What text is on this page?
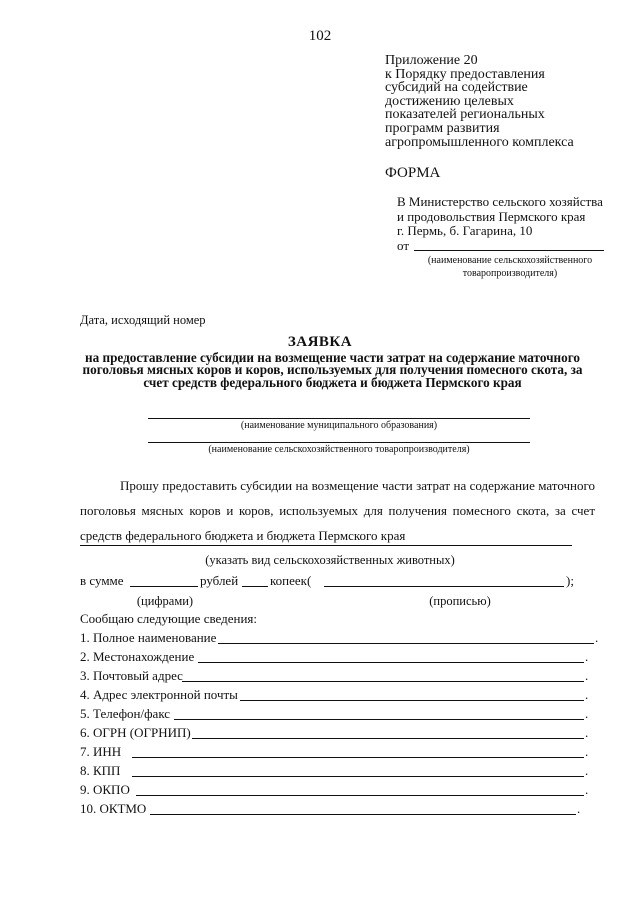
102
Приложение 20
к Порядку предоставления
субсидий на содействие
достижению целевых
показателей региональных
программ развития
агропромышленного комплекса
ФОРМА
В Министерство сельского хозяйства
и продовольствия Пермского края
г. Пермь, б. Гагарина, 10
от
(наименование сельскохозяйственного
товаропроизводителя)
Дата, исходящий номер
ЗАЯВКА
на предоставление субсидии на возмещение части затрат на содержание маточного поголовья мясных коров и коров, используемых для получения помесного скота, за счет средств федерального бюджета и бюджета Пермского края
(наименование муниципального образования)
(наименование сельскохозяйственного товаропроизводителя)
Прошу предоставить субсидии на возмещение части затрат на содержание маточного поголовья мясных коров и коров, используемых для получения помесного скота, за счет средств федерального бюджета и бюджета Пермского края
(указать вид сельскохозяйственных животных)
в сумме	рублей копеек(	);
(цифрами)	(прописью)
Сообщаю следующие сведения:
1. Полное наименование	.
2. Местонахождение	.
3. Почтовый адрес	.
4. Адрес электронной почты	.
5. Телефон/факс	.
6. ОГРН (ОГРНИП)	.
7. ИНН	.
8. КПП	.
9. ОКПО	.
10. ОКТМО	.
